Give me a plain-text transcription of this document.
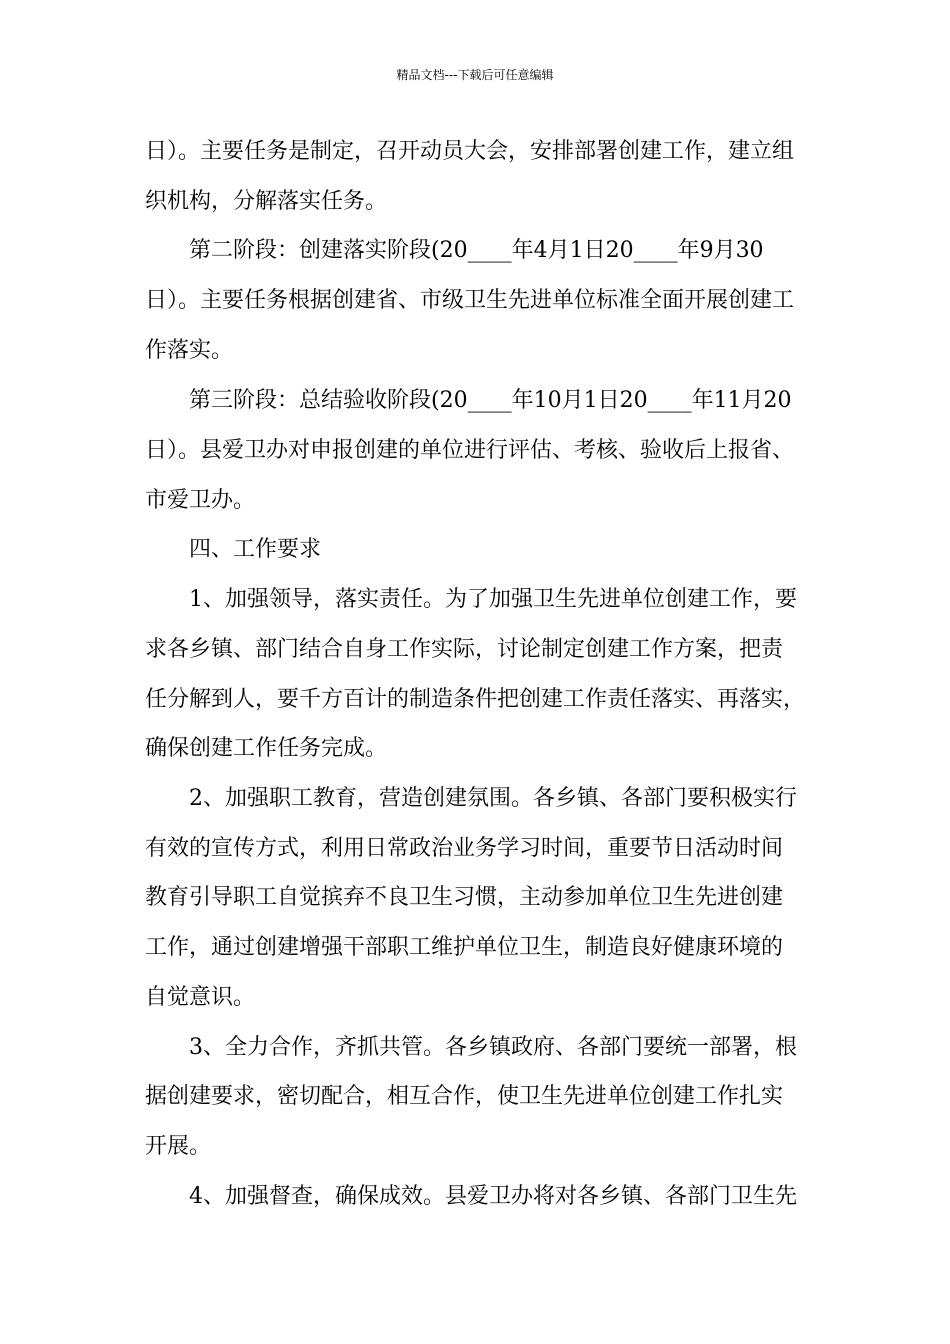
精品文档---下载后可任意编辑
日）。主要任务是制定，召开动员大会，安排部署创建工作，建立组
织机构，分解落实任务。
第二阶段：创建落实阶段(20____年4月1日20____年9月30
日）。主要任务根据创建省、市级卫生先进单位标准全面开展创建工
作落实。
第三阶段：总结验收阶段(20____年10月1日20____年11月20
日）。县爱卫办对申报创建的单位进行评估、考核、验收后上报省、
市爱卫办。
四、工作要求
1、加强领导，落实责任。为了加强卫生先进单位创建工作，要
求各乡镇、部门结合自身工作实际，讨论制定创建工作方案，把责
任分解到人，要千方百计的制造条件把创建工作责任落实、再落实，
确保创建工作任务完成。
2、加强职工教育，营造创建氛围。各乡镇、各部门要积极实行
有效的宣传方式，利用日常政治业务学习时间，重要节日活动时间
教育引导职工自觉摈弃不良卫生习惯，主动参加单位卫生先进创建
工作，通过创建增强干部职工维护单位卫生，制造良好健康环境的
自觉意识。
3、全力合作，齐抓共管。各乡镇政府、各部门要统一部署，根
据创建要求，密切配合，相互合作，使卫生先进单位创建工作扎实
开展。
4、加强督查，确保成效。县爱卫办将对各乡镇、各部门卫生先
